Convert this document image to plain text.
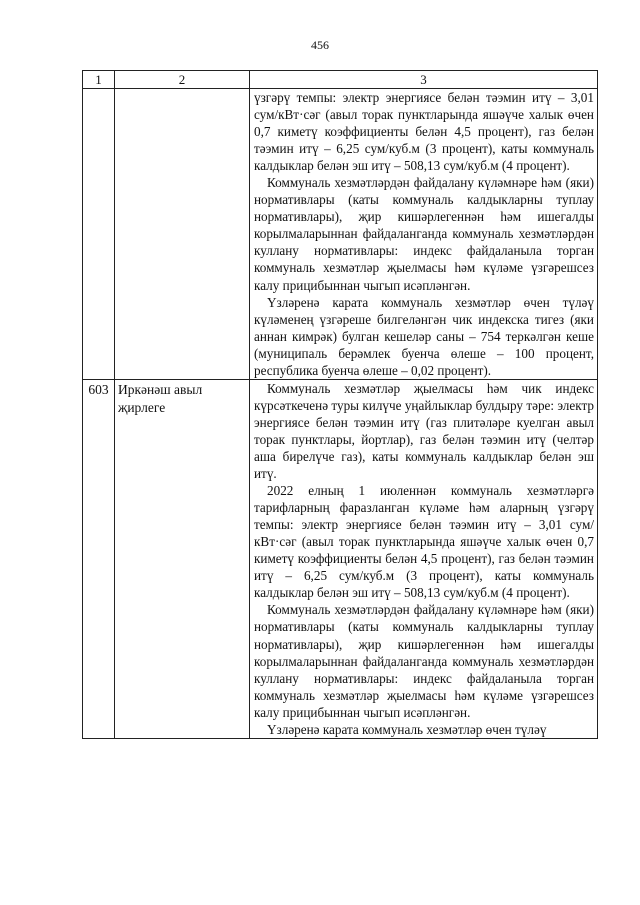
456
1	2	3

		үзгәрү темпы: электр энергиясе белән тәэмин итү – 3,01 сум/кВт·сәг (авыл торак пунктларында яшәүче халык өчен 0,7 киметү коэффициенты белән 4,5 процент), газ белән тәэмин итү – 6,25 сум/куб.м (3 процент), каты коммуналь калдыклар белән эш итү – 508,13 сум/куб.м (4 процент).

Коммуналь хезмәтләрдән файдалану күләмнәре һәм (яки) нормативлары (каты коммуналь калдыкларны туплау нормативлары), җир кишәрлегеннән һәм ишегалды корылмаларыннан файдаланганда коммуналь хезмәтләрдән куллану нормативлары: индекс файдаланыла торган коммуналь хезмәтләр җыелмасы һәм күләме үзгәрешсез калу прицибыннан чыгып исәпләнгән.

Үзләренә карата коммуналь хезмәтләр өчен түләү күләменең үзгәреше билгеләнгән чик индекска тигез (яки аннан кимрәк) булган кешеләр саны – 754 теркәлгән кеше (муниципаль берәмлек буенча өлеше – 100 процент, республика буенча өлеше – 0,02 процент).

603	Иркәнәш авыл җирлеге	Коммуналь хезмәтләр җыелмасы һәм чик индекс күрсәткеченә туры килүче уңайлыклар булдыру тәре: электр энергиясе белән тәэмин итү (газ плитәләре куелган авыл торак пунктлары, йортлар), газ белән тәэмин итү (челтәр аша бирелүче газ), каты коммуналь калдыклар белән эш итү.

2022 елның 1 июленнән коммуналь хезмәтләргә тарифларның фаразланган күләме һәм аларның үзгәрү темпы: электр энергиясе белән тәэмин итү – 3,01 сум/кВт·сәг (авыл торак пунктларында яшәүче халык өчен 0,7 киметү коэффициенты белән 4,5 процент), газ белән тәэмин итү – 6,25 сум/куб.м (3 процент), каты коммуналь калдыклар белән эш итү – 508,13 сум/куб.м (4 процент).

Коммуналь хезмәтләрдән файдалану күләмнәре һәм (яки) нормативлары (каты коммуналь калдыкларны туплау нормативлары), җир кишәрлегеннән һәм ишегалды корылмаларыннан файдаланганда коммуналь хезмәтләрдән куллану нормативлары: индекс файдаланыла торган коммуналь хезмәтләр җыелмасы һәм күләме үзгәрешсез калу прицибыннан чыгып исәпләнгән.

Үзләренә карата коммуналь хезмәтләр өчен түләү
